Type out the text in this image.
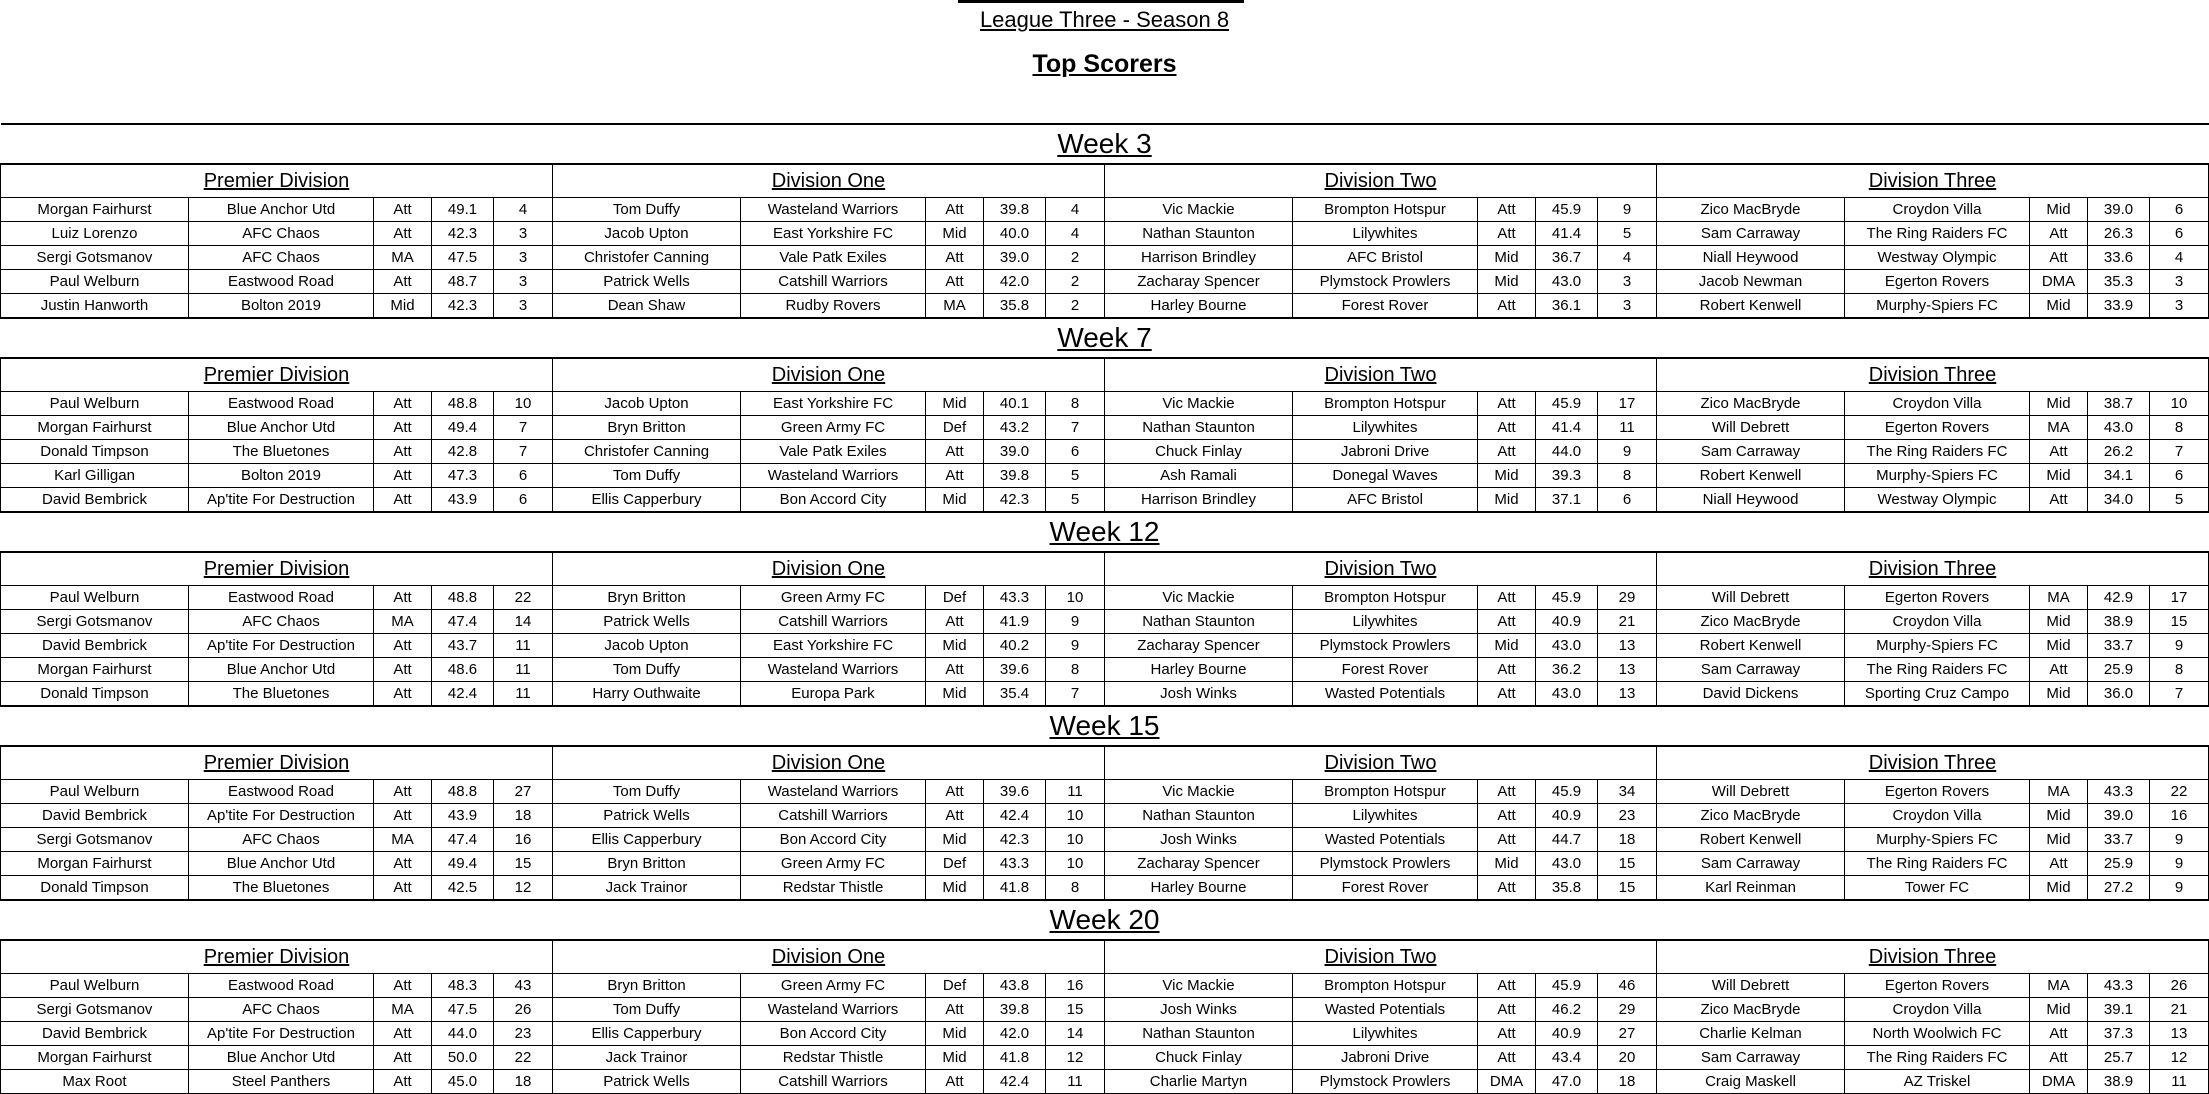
League Three - Season 8
Top Scorers
Week 3																			
Premier Division					Division One					Division Two					Division Three				
Morgan Fairhurst	Blue Anchor Utd	Att	49.1	4	Tom Duffy	Wasteland Warriors	Att	39.8	4	Vic Mackie	Brompton Hotspur	Att	45.9	9	Zico MacBryde	Croydon Villa	Mid	39.0	6
Luiz Lorenzo	AFC Chaos	Att	42.3	3	Jacob Upton	East Yorkshire FC	Mid	40.0	4	Nathan Staunton	Lilywhites	Att	41.4	5	Sam Carraway	The Ring Raiders FC	Att	26.3	6
Sergi Gotsmanov	AFC Chaos	MA	47.5	3	Christofer Canning	Vale Patk Exiles	Att	39.0	2	Harrison Brindley	AFC Bristol	Mid	36.7	4	Niall Heywood	Westway Olympic	Att	33.6	4
Paul Welburn	Eastwood Road	Att	48.7	3	Patrick Wells	Catshill Warriors	Att	42.0	2	Zacharay Spencer	Plymstock Prowlers	Mid	43.0	3	Jacob Newman	Egerton Rovers	DMA	35.3	3
Justin Hanworth	Bolton 2019	Mid	42.3	3	Dean Shaw	Rudby Rovers	MA	35.8	2	Harley Bourne	Forest Rover	Att	36.1	3	Robert Kenwell	Murphy-Spiers FC	Mid	33.9	3
Week 7																			
Premier Division					Division One					Division Two					Division Three				
Paul Welburn	Eastwood Road	Att	48.8	10	Jacob Upton	East Yorkshire FC	Mid	40.1	8	Vic Mackie	Brompton Hotspur	Att	45.9	17	Zico MacBryde	Croydon Villa	Mid	38.7	10
Morgan Fairhurst	Blue Anchor Utd	Att	49.4	7	Bryn Britton	Green Army FC	Def	43.2	7	Nathan Staunton	Lilywhites	Att	41.4	11	Will Debrett	Egerton Rovers	MA	43.0	8
Donald Timpson	The Bluetones	Att	42.8	7	Christofer Canning	Vale Patk Exiles	Att	39.0	6	Chuck Finlay	Jabroni Drive	Att	44.0	9	Sam Carraway	The Ring Raiders FC	Att	26.2	7
Karl Gilligan	Bolton 2019	Att	47.3	6	Tom Duffy	Wasteland Warriors	Att	39.8	5	Ash Ramali	Donegal Waves	Mid	39.3	8	Robert Kenwell	Murphy-Spiers FC	Mid	34.1	6
David Bembrick	Ap'tite For Destruction	Att	43.9	6	Ellis Capperbury	Bon Accord City	Mid	42.3	5	Harrison Brindley	AFC Bristol	Mid	37.1	6	Niall Heywood	Westway Olympic	Att	34.0	5
Week 12																			
Premier Division					Division One					Division Two					Division Three				
Paul Welburn	Eastwood Road	Att	48.8	22	Bryn Britton	Green Army FC	Def	43.3	10	Vic Mackie	Brompton Hotspur	Att	45.9	29	Will Debrett	Egerton Rovers	MA	42.9	17
Sergi Gotsmanov	AFC Chaos	MA	47.4	14	Patrick Wells	Catshill Warriors	Att	41.9	9	Nathan Staunton	Lilywhites	Att	40.9	21	Zico MacBryde	Croydon Villa	Mid	38.9	15
David Bembrick	Ap'tite For Destruction	Att	43.7	11	Jacob Upton	East Yorkshire FC	Mid	40.2	9	Zacharay Spencer	Plymstock Prowlers	Mid	43.0	13	Robert Kenwell	Murphy-Spiers FC	Mid	33.7	9
Morgan Fairhurst	Blue Anchor Utd	Att	48.6	11	Tom Duffy	Wasteland Warriors	Att	39.6	8	Harley Bourne	Forest Rover	Att	36.2	13	Sam Carraway	The Ring Raiders FC	Att	25.9	8
Donald Timpson	The Bluetones	Att	42.4	11	Harry Outhwaite	Europa Park	Mid	35.4	7	Josh Winks	Wasted Potentials	Att	43.0	13	David Dickens	Sporting Cruz Campo	Mid	36.0	7
Week 15																			
Premier Division					Division One					Division Two					Division Three				
Paul Welburn	Eastwood Road	Att	48.8	27	Tom Duffy	Wasteland Warriors	Att	39.6	11	Vic Mackie	Brompton Hotspur	Att	45.9	34	Will Debrett	Egerton Rovers	MA	43.3	22
David Bembrick	Ap'tite For Destruction	Att	43.9	18	Patrick Wells	Catshill Warriors	Att	42.4	10	Nathan Staunton	Lilywhites	Att	40.9	23	Zico MacBryde	Croydon Villa	Mid	39.0	16
Sergi Gotsmanov	AFC Chaos	MA	47.4	16	Ellis Capperbury	Bon Accord City	Mid	42.3	10	Josh Winks	Wasted Potentials	Att	44.7	18	Robert Kenwell	Murphy-Spiers FC	Mid	33.7	9
Morgan Fairhurst	Blue Anchor Utd	Att	49.4	15	Bryn Britton	Green Army FC	Def	43.3	10	Zacharay Spencer	Plymstock Prowlers	Mid	43.0	15	Sam Carraway	The Ring Raiders FC	Att	25.9	9
Donald Timpson	The Bluetones	Att	42.5	12	Jack Trainor	Redstar Thistle	Mid	41.8	8	Harley Bourne	Forest Rover	Att	35.8	15	Karl Reinman	Tower FC	Mid	27.2	9
Week 20																			
Premier Division					Division One					Division Two					Division Three				
Paul Welburn	Eastwood Road	Att	48.3	43	Bryn Britton	Green Army FC	Def	43.8	16	Vic Mackie	Brompton Hotspur	Att	45.9	46	Will Debrett	Egerton Rovers	MA	43.3	26
Sergi Gotsmanov	AFC Chaos	MA	47.5	26	Tom Duffy	Wasteland Warriors	Att	39.8	15	Josh Winks	Wasted Potentials	Att	46.2	29	Zico MacBryde	Croydon Villa	Mid	39.1	21
David Bembrick	Ap'tite For Destruction	Att	44.0	23	Ellis Capperbury	Bon Accord City	Mid	42.0	14	Nathan Staunton	Lilywhites	Att	40.9	27	Charlie Kelman	North Woolwich FC	Att	37.3	13
Morgan Fairhurst	Blue Anchor Utd	Att	50.0	22	Jack Trainor	Redstar Thistle	Mid	41.8	12	Chuck Finlay	Jabroni Drive	Att	43.4	20	Sam Carraway	The Ring Raiders FC	Att	25.7	12
Max Root	Steel Panthers	Att	45.0	18	Patrick Wells	Catshill Warriors	Att	42.4	11	Charlie Martyn	Plymstock Prowlers	DMA	47.0	18	Craig Maskell	AZ Triskel	DMA	38.9	11
